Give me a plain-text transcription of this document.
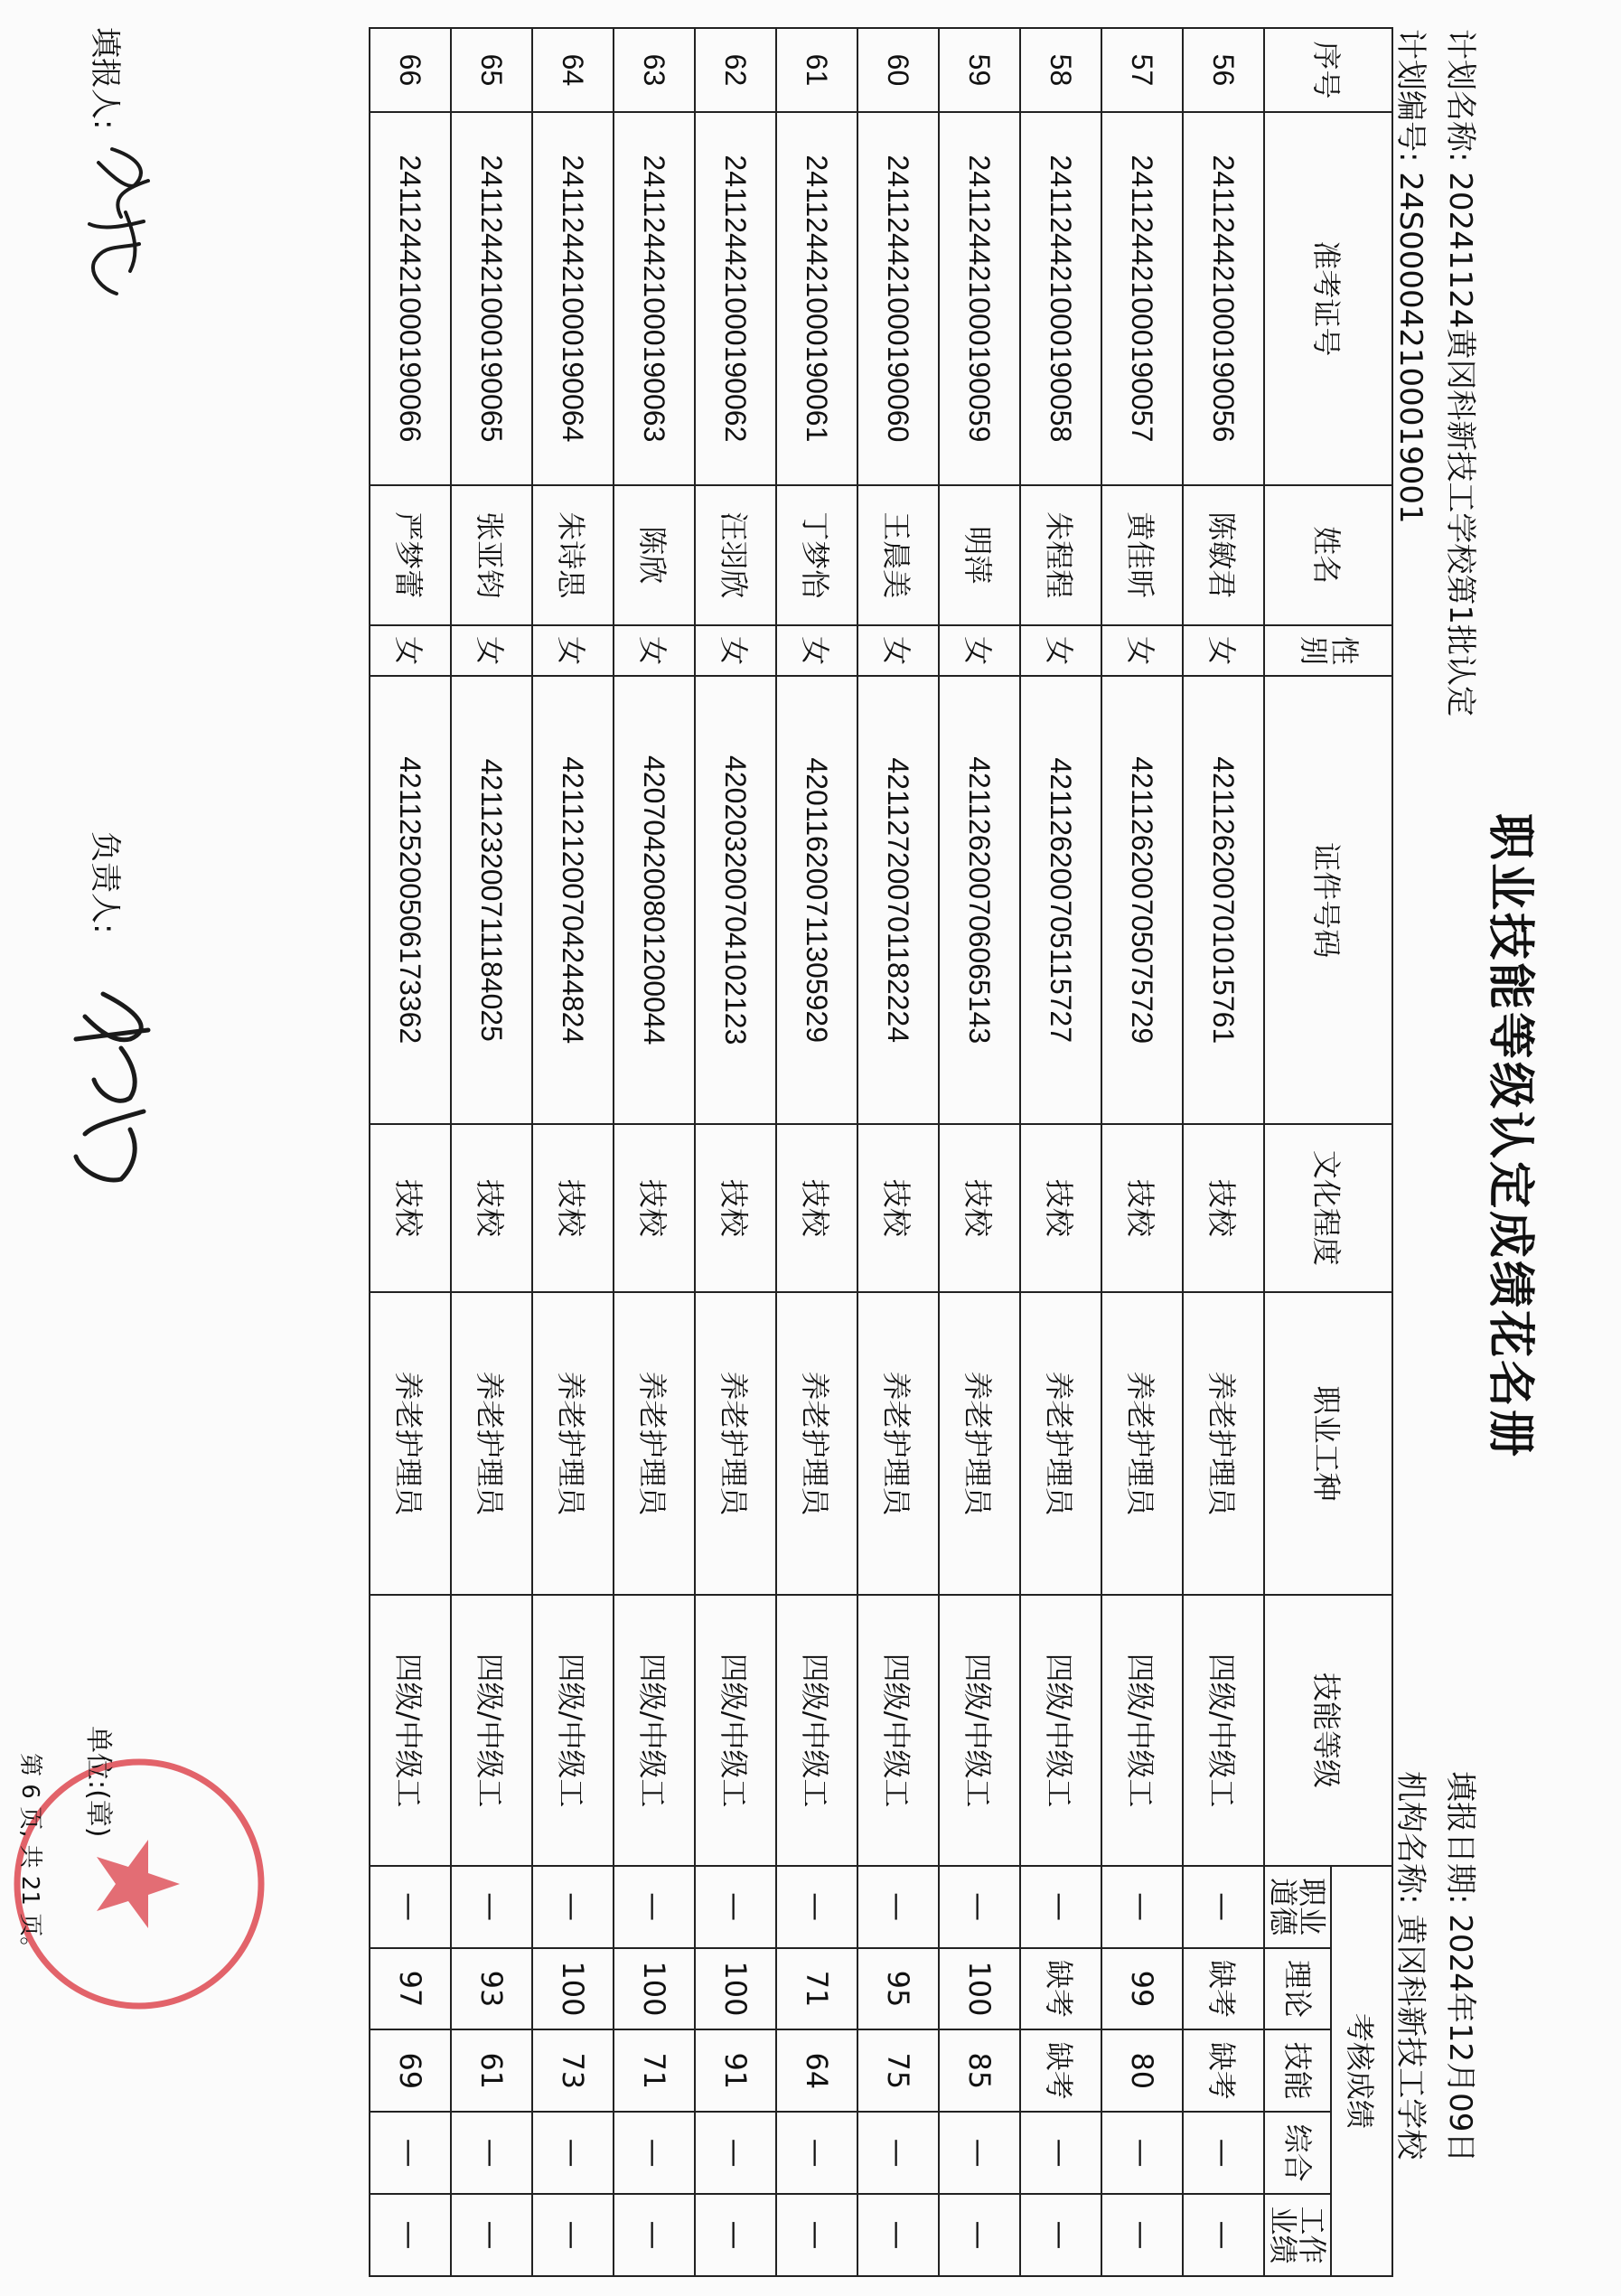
职业技能等级认定成绩花名册
计划名称: 20241124黄冈科新技工学校第1批认定
计划编号: 24S000042100019001
填报日期: 2024年12月09日
机构名称: 黄冈科新技工学校
序号	准考证号	姓名	性别	证件号码	文化程度	职业工种	技能等级	考核成绩				
								职业道德	理论	技能	综合	工作业绩
56	241124421000190056	陈敏君	女	421126200701015761	技校	养老护理员	四级/中级工	—	缺考	缺考	—	—
57	241124421000190057	黄佳昕	女	421126200705075729	技校	养老护理员	四级/中级工	—	99	80	—	—
58	241124421000190058	朱程程	女	421126200705115727	技校	养老护理员	四级/中级工	—	缺考	缺考	—	—
59	241124421000190059	明萍	女	421126200706065143	技校	养老护理员	四级/中级工	—	100	85	—	—
60	241124421000190060	王晨美	女	421127200701182224	技校	养老护理员	四级/中级工	—	95	75	—	—
61	241124421000190061	丁梦怡	女	420116200711305929	技校	养老护理员	四级/中级工	—	71	64	—	—
62	241124421000190062	汪羽欣	女	420203200704102123	技校	养老护理员	四级/中级工	—	100	91	—	—
63	241124421000190063	陈欣	女	420704200801200044	技校	养老护理员	四级/中级工	—	100	71	—	—
64	241124421000190064	朱诗思	女	421121200704244824	技校	养老护理员	四级/中级工	—	100	73	—	—
65	241124421000190065	张亚钧	女	421123200711184025	技校	养老护理员	四级/中级工	—	93	61	—	—
66	241124421000190066	严梦蕾	女	421125200506173362	技校	养老护理员	四级/中级工	—	97	69	—	—
填报人:
负责人:
单位:(章)
第 6 页, 共 21 页。
